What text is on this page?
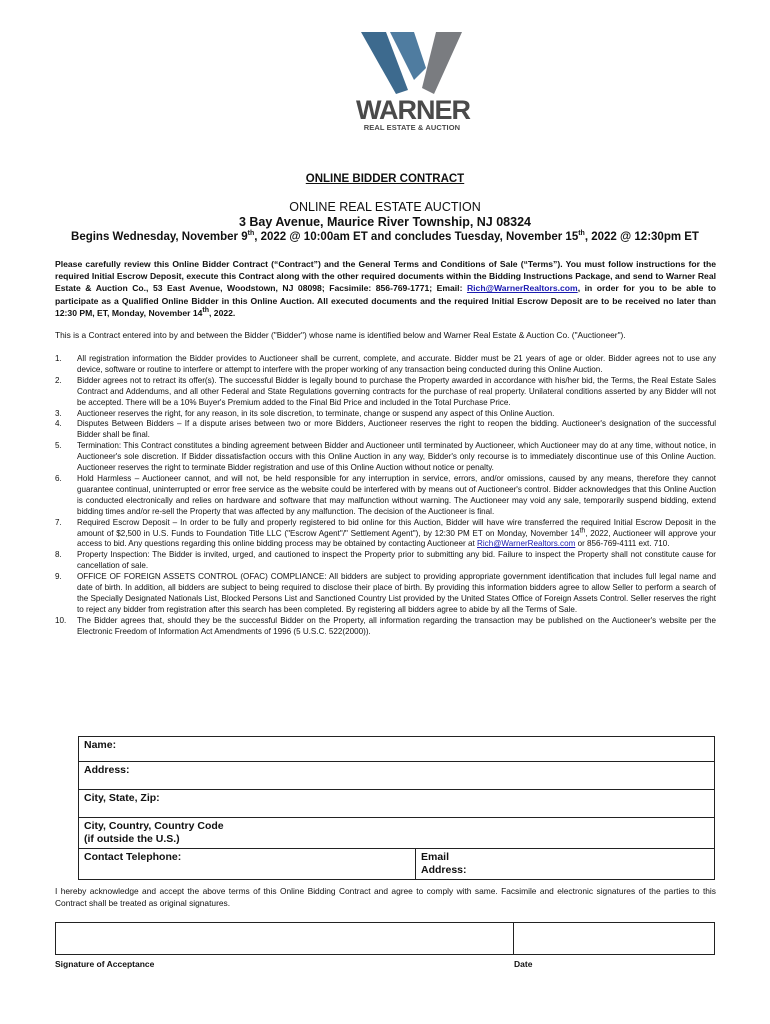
WARNER
REAL ESTATE & AUCTION
ONLINE BIDDER CONTRACT
ONLINE REAL ESTATE AUCTION
3 Bay Avenue, Maurice River Township, NJ 08324
Begins Wednesday, November 9th, 2022 @ 10:00am ET and concludes Tuesday, November 15th, 2022 @ 12:30pm ET
Please carefully review this Online Bidder Contract (“Contract”) and the General Terms and Conditions of Sale (“Terms”). You must follow instructions for the required Initial Escrow Deposit, execute this Contract along with the other required documents within the Bidding Instructions Package, and send to Warner Real Estate & Auction Co., 53 East Avenue, Woodstown, NJ 08098; Facsimile: 856-769-1771; Email: Rich@WarnerRealtors.com, in order for you to be able to participate as a Qualified Online Bidder in this Online Auction. All executed documents and the required Initial Escrow Deposit are to be received no later than 12:30 PM, ET, Monday, November 14th, 2022.
This is a Contract entered into by and between the Bidder ("Bidder") whose name is identified below and Warner Real Estate & Auction Co. ("Auctioneer").
1. All registration information the Bidder provides to Auctioneer shall be current, complete, and accurate. Bidder must be 21 years of age or older. Bidder agrees not to use any device, software or routine to interfere or attempt to interfere with the proper working of any transaction being conducted during this Online Auction.
2. Bidder agrees not to retract its offer(s). The successful Bidder is legally bound to purchase the Property awarded in accordance with his/her bid, the Terms, the Real Estate Sales Contract and Addendums, and all other Federal and State Regulations governing contracts for the purchase of real property. Unilateral conditions asserted by any Bidder will not be accepted. There will be a 10% Buyer's Premium added to the Final Bid Price and included in the Total Purchase Price.
3. Auctioneer reserves the right, for any reason, in its sole discretion, to terminate, change or suspend any aspect of this Online Auction.
4. Disputes Between Bidders – If a dispute arises between two or more Bidders, Auctioneer reserves the right to reopen the bidding. Auctioneer's designation of the successful Bidder shall be final.
5. Termination: This Contract constitutes a binding agreement between Bidder and Auctioneer until terminated by Auctioneer, which Auctioneer may do at any time, without notice, in Auctioneer's sole discretion. If Bidder dissatisfaction occurs with this Online Auction in any way, Bidder's only recourse is to immediately discontinue use of this Online Auction. Auctioneer reserves the right to terminate Bidder registration and use of this Online Auction without notice or penalty.
6. Hold Harmless – Auctioneer cannot, and will not, be held responsible for any interruption in service, errors, and/or omissions, caused by any means, therefore they cannot guarantee continual, uninterrupted or error free service as the website could be interfered with by means out of Auctioneer's control. Bidder acknowledges that this Online Auction is conducted electronically and relies on hardware and software that may malfunction without warning. The Auctioneer may void any sale, temporarily suspend bidding, extend bidding times and/or re-sell the Property that was affected by any malfunction. The decision of the Auctioneer is final.
7. Required Escrow Deposit – In order to be fully and properly registered to bid online for this Auction, Bidder will have wire transferred the required Initial Escrow Deposit in the amount of $2,500 in U.S. Funds to Foundation Title LLC ("Escrow Agent"/" Settlement Agent"), by 12:30 PM ET on Monday, November 14th, 2022, Auctioneer will approve your access to bid. Any questions regarding this online bidding process may be obtained by contacting Auctioneer at Rich@WarnerRealtors.com or 856-769-4111 ext. 710.
8. Property Inspection: The Bidder is invited, urged, and cautioned to inspect the Property prior to submitting any bid. Failure to inspect the Property shall not constitute cause for cancellation of sale.
9. OFFICE OF FOREIGN ASSETS CONTROL (OFAC) COMPLIANCE: All bidders are subject to providing appropriate government identification that includes full legal name and date of birth. In addition, all bidders are subject to being required to disclose their place of birth. By providing this information bidders agree to allow Seller to perform a search of the Specially Designated Nationals List, Blocked Persons List and Sanctioned Country List provided by the United States Office of Foreign Assets Control. Seller reserves the right to reject any bidder from registration after this search has been completed. By registering all bidders agree to abide by all the Terms of Sale.
10. The Bidder agrees that, should they be the successful Bidder on the Property, all information regarding the transaction may be published on the Auctioneer's website per the Electronic Freedom of Information Act Amendments of 1996 (5 U.S.C. 522(2000)).
Name:
Address:
City, State, Zip:

City, Country, Country Code
(if outside the U.S.)

Contact Telephone:	Email
Address:
I hereby acknowledge and accept the above terms of this Online Bidding Contract and agree to comply with same. Facsimile and electronic signatures of the parties to this Contract shall be treated as original signatures.
Signature of Acceptance	Date
